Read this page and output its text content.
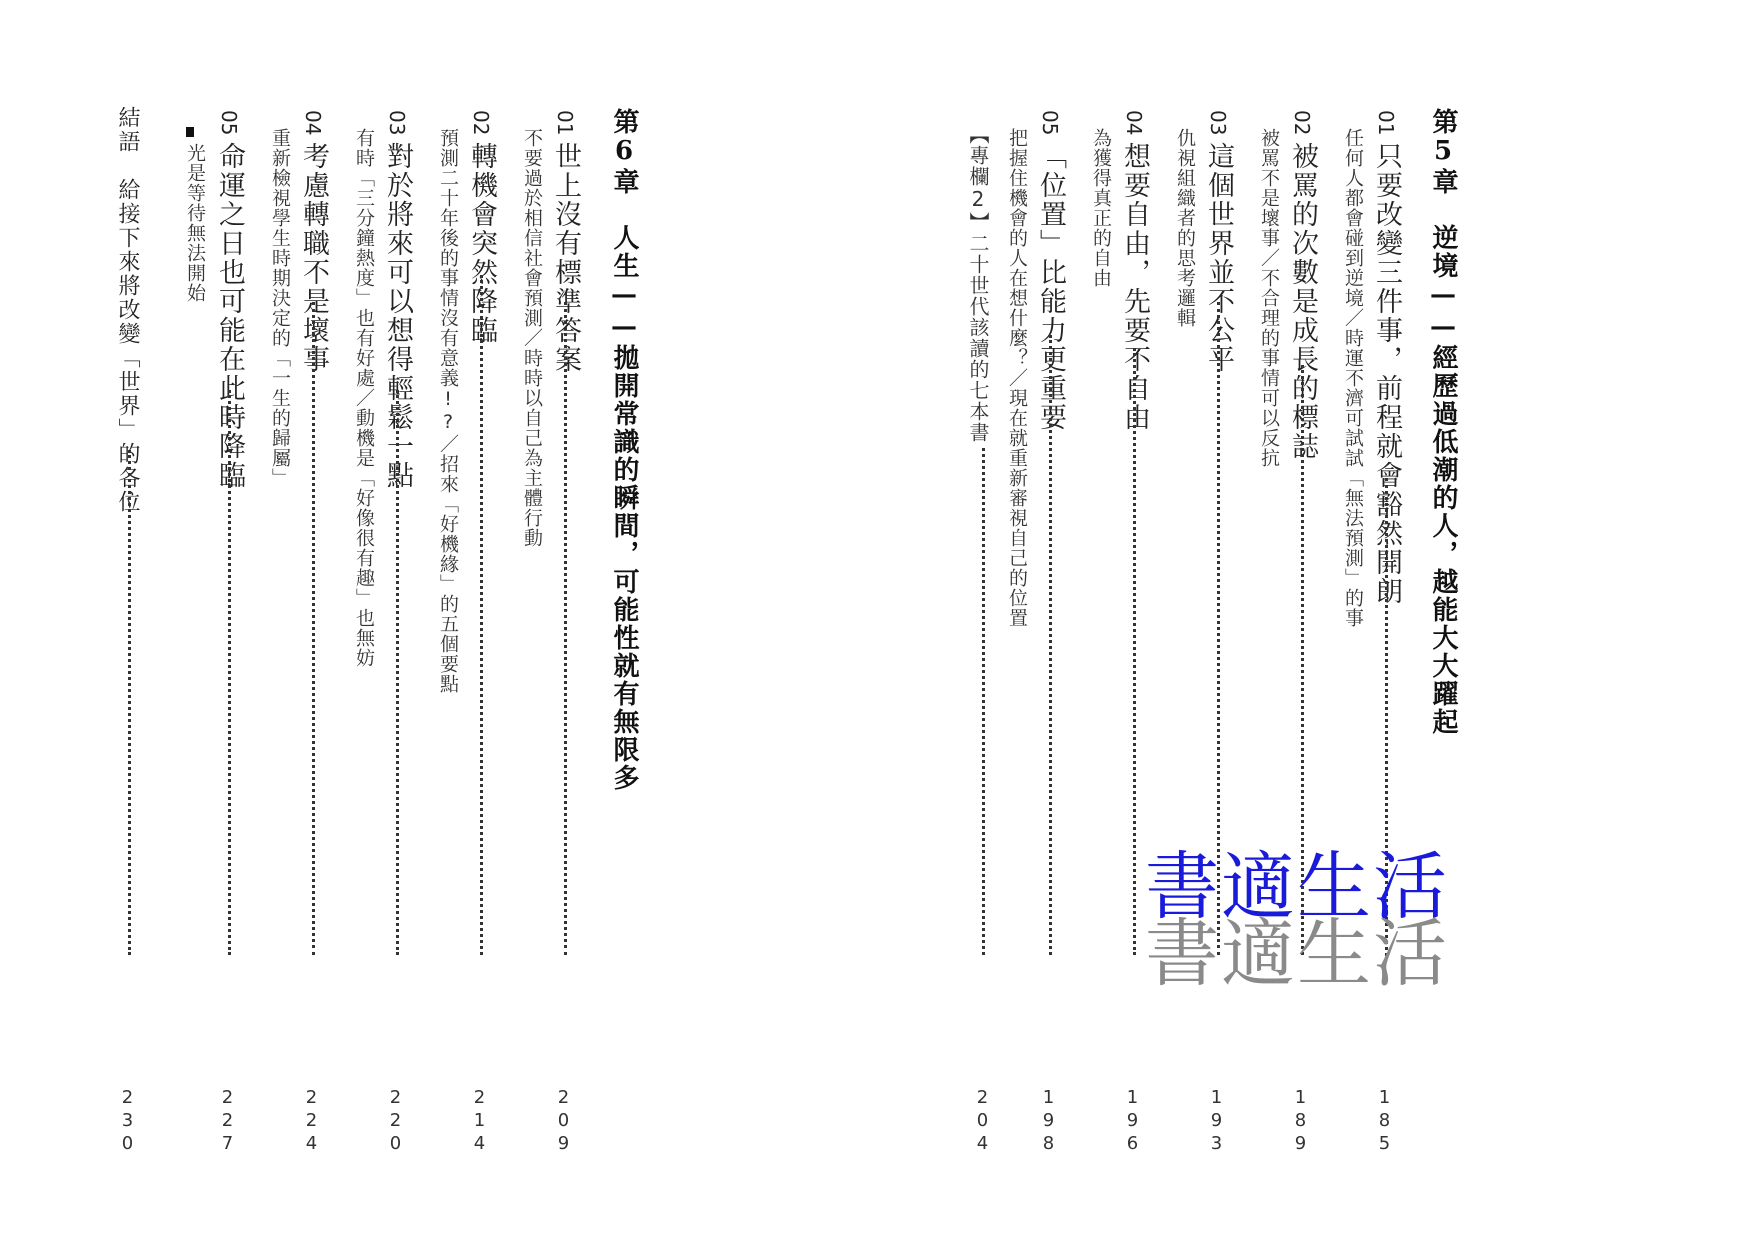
第5章　逆境——經歷過低潮的人，越能大大躍起
01
只要改變三件事，前程就會豁然開朗
185
任何人都會碰到逆境／時運不濟可試試「無法預測」的事
02
被罵的次數是成長的標誌
189
被罵不是壞事／不合理的事情可以反抗
03
這個世界並不公平
193
仇視組織者的思考邏輯
04
想要自由，先要不自由
196
為獲得真正的自由
05
「位置」比能力更重要
198
把握住機會的人在想什麼？／現在就重新審視自己的位置
【專欄2】二十世代該讀的七本書
204
書適生活
書適生活
第6章　人生——拋開常識的瞬間，可能性就有無限多
01
世上沒有標準答案
209
不要過於相信社會預測／時時以自己為主體行動
02
轉機會突然降臨
214
預測二十年後的事情沒有意義!?／招來「好機緣」的五個要點
03
對於將來可以想得輕鬆一點
220
有時「三分鐘熱度」也有好處／動機是「好像很有趣」也無妨
04
考慮轉職不是壞事
224
重新檢視學生時期決定的「一生的歸屬」
05
命運之日也可能在此時降臨
227
光是等待無法開始
結語　給接下來將改變「世界」的各位
230
